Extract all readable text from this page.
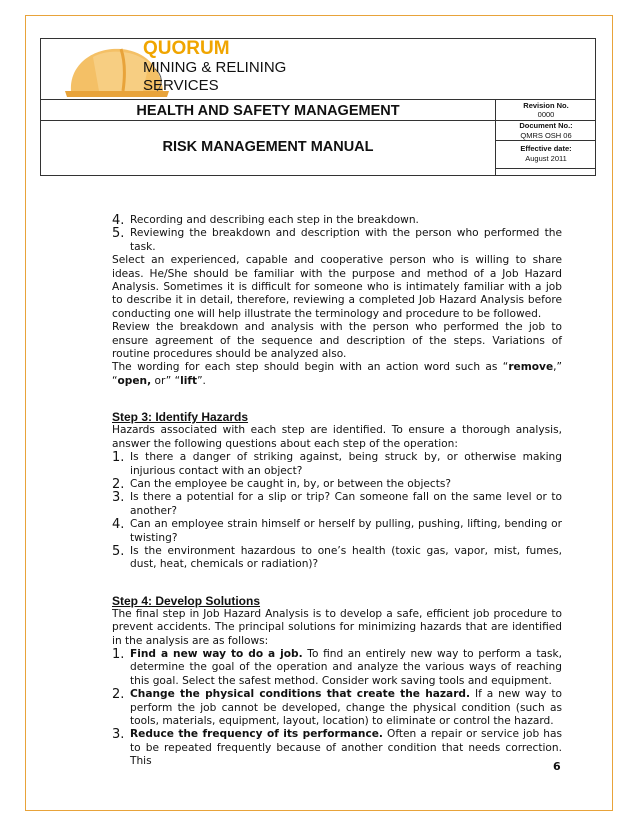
QUORUM
MINING & RELINING
SERVICES
HEALTH AND SAFETY MANAGEMENT	Revision No.
0000
RISK MANAGEMENT MANUAL
Document No.:
QMRS OSH 06
Effective date:
August 2011
4. Recording and describing each step in the breakdown.
5. Reviewing the breakdown and description with the person who performed the task.

Select an experienced, capable and cooperative person who is willing to share ideas. He/She should be familiar with the purpose and method of a Job Hazard Analysis. Sometimes it is difficult for someone who is intimately familiar with a job to describe it in detail, therefore, reviewing a completed Job Hazard Analysis before conducting one will help illustrate the terminology and procedure to be followed.

Review the breakdown and analysis with the person who performed the job to ensure agreement of the sequence and description of the steps. Variations of routine procedures should be analyzed also.

The wording for each step should begin with an action word such as “remove,” “open, or” “lift”.

Step 3: Identify Hazards

Hazards associated with each step are identified. To ensure a thorough analysis, answer the following questions about each step of the operation:

1. Is there a danger of striking against, being struck by, or otherwise making injurious contact with an object?
2. Can the employee be caught in, by, or between the objects?
3. Is there a potential for a slip or trip? Can someone fall on the same level or to another?
4. Can an employee strain himself or herself by pulling, pushing, lifting, bending or twisting?
5. Is the environment hazardous to one’s health (toxic gas, vapor, mist, fumes, dust, heat, chemicals or radiation)?
Step 4: Develop Solutions

The final step in Job Hazard Analysis is to develop a safe, efficient job procedure to prevent accidents. The principal solutions for minimizing hazards that are identified in the analysis are as follows:

1. Find a new way to do a job. To find an entirely new way to perform a task, determine the goal of the operation and analyze the various ways of reaching this goal. Select the safest method. Consider work saving tools and equipment.
2. Change the physical conditions that create the hazard. If a new way to perform the job cannot be developed, change the physical condition (such as tools, materials, equipment, layout, location) to eliminate or control the hazard.
3. Reduce the frequency of its performance. Often a repair or service job has to be repeated frequently because of another condition that needs correction. This	6
